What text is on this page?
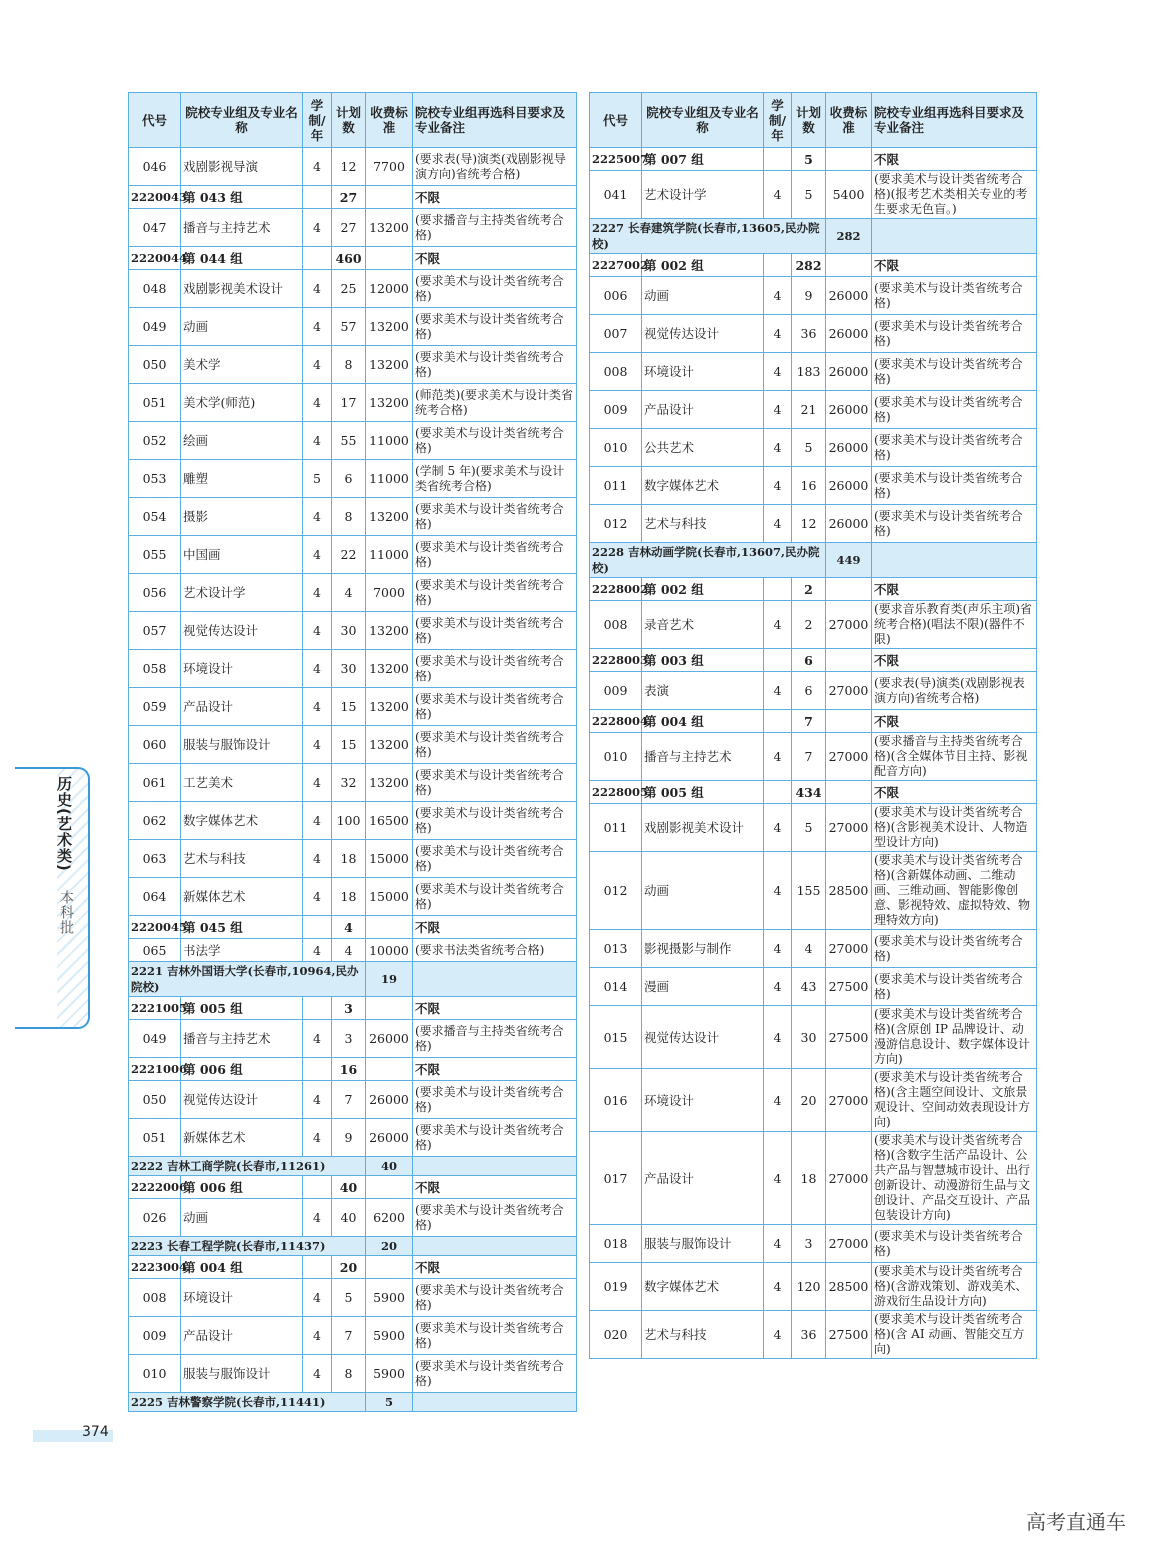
代号	院校专业组及专业名称	学制/年	计划数	收费标准	院校专业组再选科目要求及专业备注
046	戏剧影视导演	4	12	7700	(要求表(导)演类(戏剧影视导演方向)省统考合格)
2220043	第 043 组		27		不限
047	播音与主持艺术	4	27	13200	(要求播音与主持类省统考合格)
2220044	第 044 组		460		不限
048	戏剧影视美术设计	4	25	12000	(要求美术与设计类省统考合格)
049	动画	4	57	13200	(要求美术与设计类省统考合格)
050	美术学	4	8	13200	(要求美术与设计类省统考合格)
051	美术学(师范)	4	17	13200	(师范类)(要求美术与设计类省统考合格)
052	绘画	4	55	11000	(要求美术与设计类省统考合格)
053	雕塑	5	6	11000	(学制 5 年)(要求美术与设计类省统考合格)
054	摄影	4	8	13200	(要求美术与设计类省统考合格)
055	中国画	4	22	11000	(要求美术与设计类省统考合格)
056	艺术设计学	4	4	7000	(要求美术与设计类省统考合格)
057	视觉传达设计	4	30	13200	(要求美术与设计类省统考合格)
058	环境设计	4	30	13200	(要求美术与设计类省统考合格)
059	产品设计	4	15	13200	(要求美术与设计类省统考合格)
060	服装与服饰设计	4	15	13200	(要求美术与设计类省统考合格)
061	工艺美术	4	32	13200	(要求美术与设计类省统考合格)
062	数字媒体艺术	4	100	16500	(要求美术与设计类省统考合格)
063	艺术与科技	4	18	15000	(要求美术与设计类省统考合格)
064	新媒体艺术	4	18	15000	(要求美术与设计类省统考合格)
2220045	第 045 组		4		不限
065	书法学	4	4	10000	(要求书法类省统考合格)
2221 吉林外国语大学(长春市,10964,民办院校)				19	
2221005	第 005 组		3		不限
049	播音与主持艺术	4	3	26000	(要求播音与主持类省统考合格)
2221006	第 006 组		16		不限
050	视觉传达设计	4	7	26000	(要求美术与设计类省统考合格)
051	新媒体艺术	4	9	26000	(要求美术与设计类省统考合格)
2222 吉林工商学院(长春市,11261)				40	
2222006	第 006 组		40		不限
026	动画	4	40	6200	(要求美术与设计类省统考合格)
2223 长春工程学院(长春市,11437)				20	
2223004	第 004 组		20		不限
008	环境设计	4	5	5900	(要求美术与设计类省统考合格)
009	产品设计	4	7	5900	(要求美术与设计类省统考合格)
010	服装与服饰设计	4	8	5900	(要求美术与设计类省统考合格)
2225 吉林警察学院(长春市,11441)				5	
代号	院校专业组及专业名称	学制/年	计划数	收费标准	院校专业组再选科目要求及专业备注
2225007	第 007 组		5		不限
041	艺术设计学	4	5	5400	(要求美术与设计类省统考合格)(报考艺术类相关专业的考生要求无色盲。)
2227 长春建筑学院(长春市,13605,民办院校)				282	
2227002	第 002 组		282		不限
006	动画	4	9	26000	(要求美术与设计类省统考合格)
007	视觉传达设计	4	36	26000	(要求美术与设计类省统考合格)
008	环境设计	4	183	26000	(要求美术与设计类省统考合格)
009	产品设计	4	21	26000	(要求美术与设计类省统考合格)
010	公共艺术	4	5	26000	(要求美术与设计类省统考合格)
011	数字媒体艺术	4	16	26000	(要求美术与设计类省统考合格)
012	艺术与科技	4	12	26000	(要求美术与设计类省统考合格)
2228 吉林动画学院(长春市,13607,民办院校)				449	
2228002	第 002 组		2		不限
008	录音艺术	4	2	27000	(要求音乐教育类(声乐主项)省统考合格)(唱法不限)(器件不限)
2228003	第 003 组		6		不限
009	表演	4	6	27000	(要求表(导)演类(戏剧影视表演方向)省统考合格)
2228004	第 004 组		7		不限
010	播音与主持艺术	4	7	27000	(要求播音与主持类省统考合格)(含全媒体节目主持、影视配音方向)
2228005	第 005 组		434		不限
011	戏剧影视美术设计	4	5	27000	(要求美术与设计类省统考合格)(含影视美术设计、人物造型设计方向)
012	动画	4	155	28500	(要求美术与设计类省统考合格)(含新媒体动画、二维动画、三维动画、智能影像创意、影视特效、虚拟特效、物理特效方向)
013	影视摄影与制作	4	4	27000	(要求美术与设计类省统考合格)
014	漫画	4	43	27500	(要求美术与设计类省统考合格)
015	视觉传达设计	4	30	27500	(要求美术与设计类省统考合格)(含原创 IP 品牌设计、动漫游信息设计、数字媒体设计方向)
016	环境设计	4	20	27000	(要求美术与设计类省统考合格)(含主题空间设计、文旅景观设计、空间动效表现设计方向)
017	产品设计	4	18	27000	(要求美术与设计类省统考合格)(含数字生活产品设计、公共产品与智慧城市设计、出行创新设计、动漫游衍生品与文创设计、产品交互设计、产品包装设计方向)
018	服装与服饰设计	4	3	27000	(要求美术与设计类省统考合格)
019	数字媒体艺术	4	120	28500	(要求美术与设计类省统考合格)(含游戏策划、游戏美术、游戏衍生品设计方向)
020	艺术与科技	4	36	27500	(要求美术与设计类省统考合格)(含 AI 动画、智能交互方向)
历史(艺术类)
本科批
374
高考直通车
